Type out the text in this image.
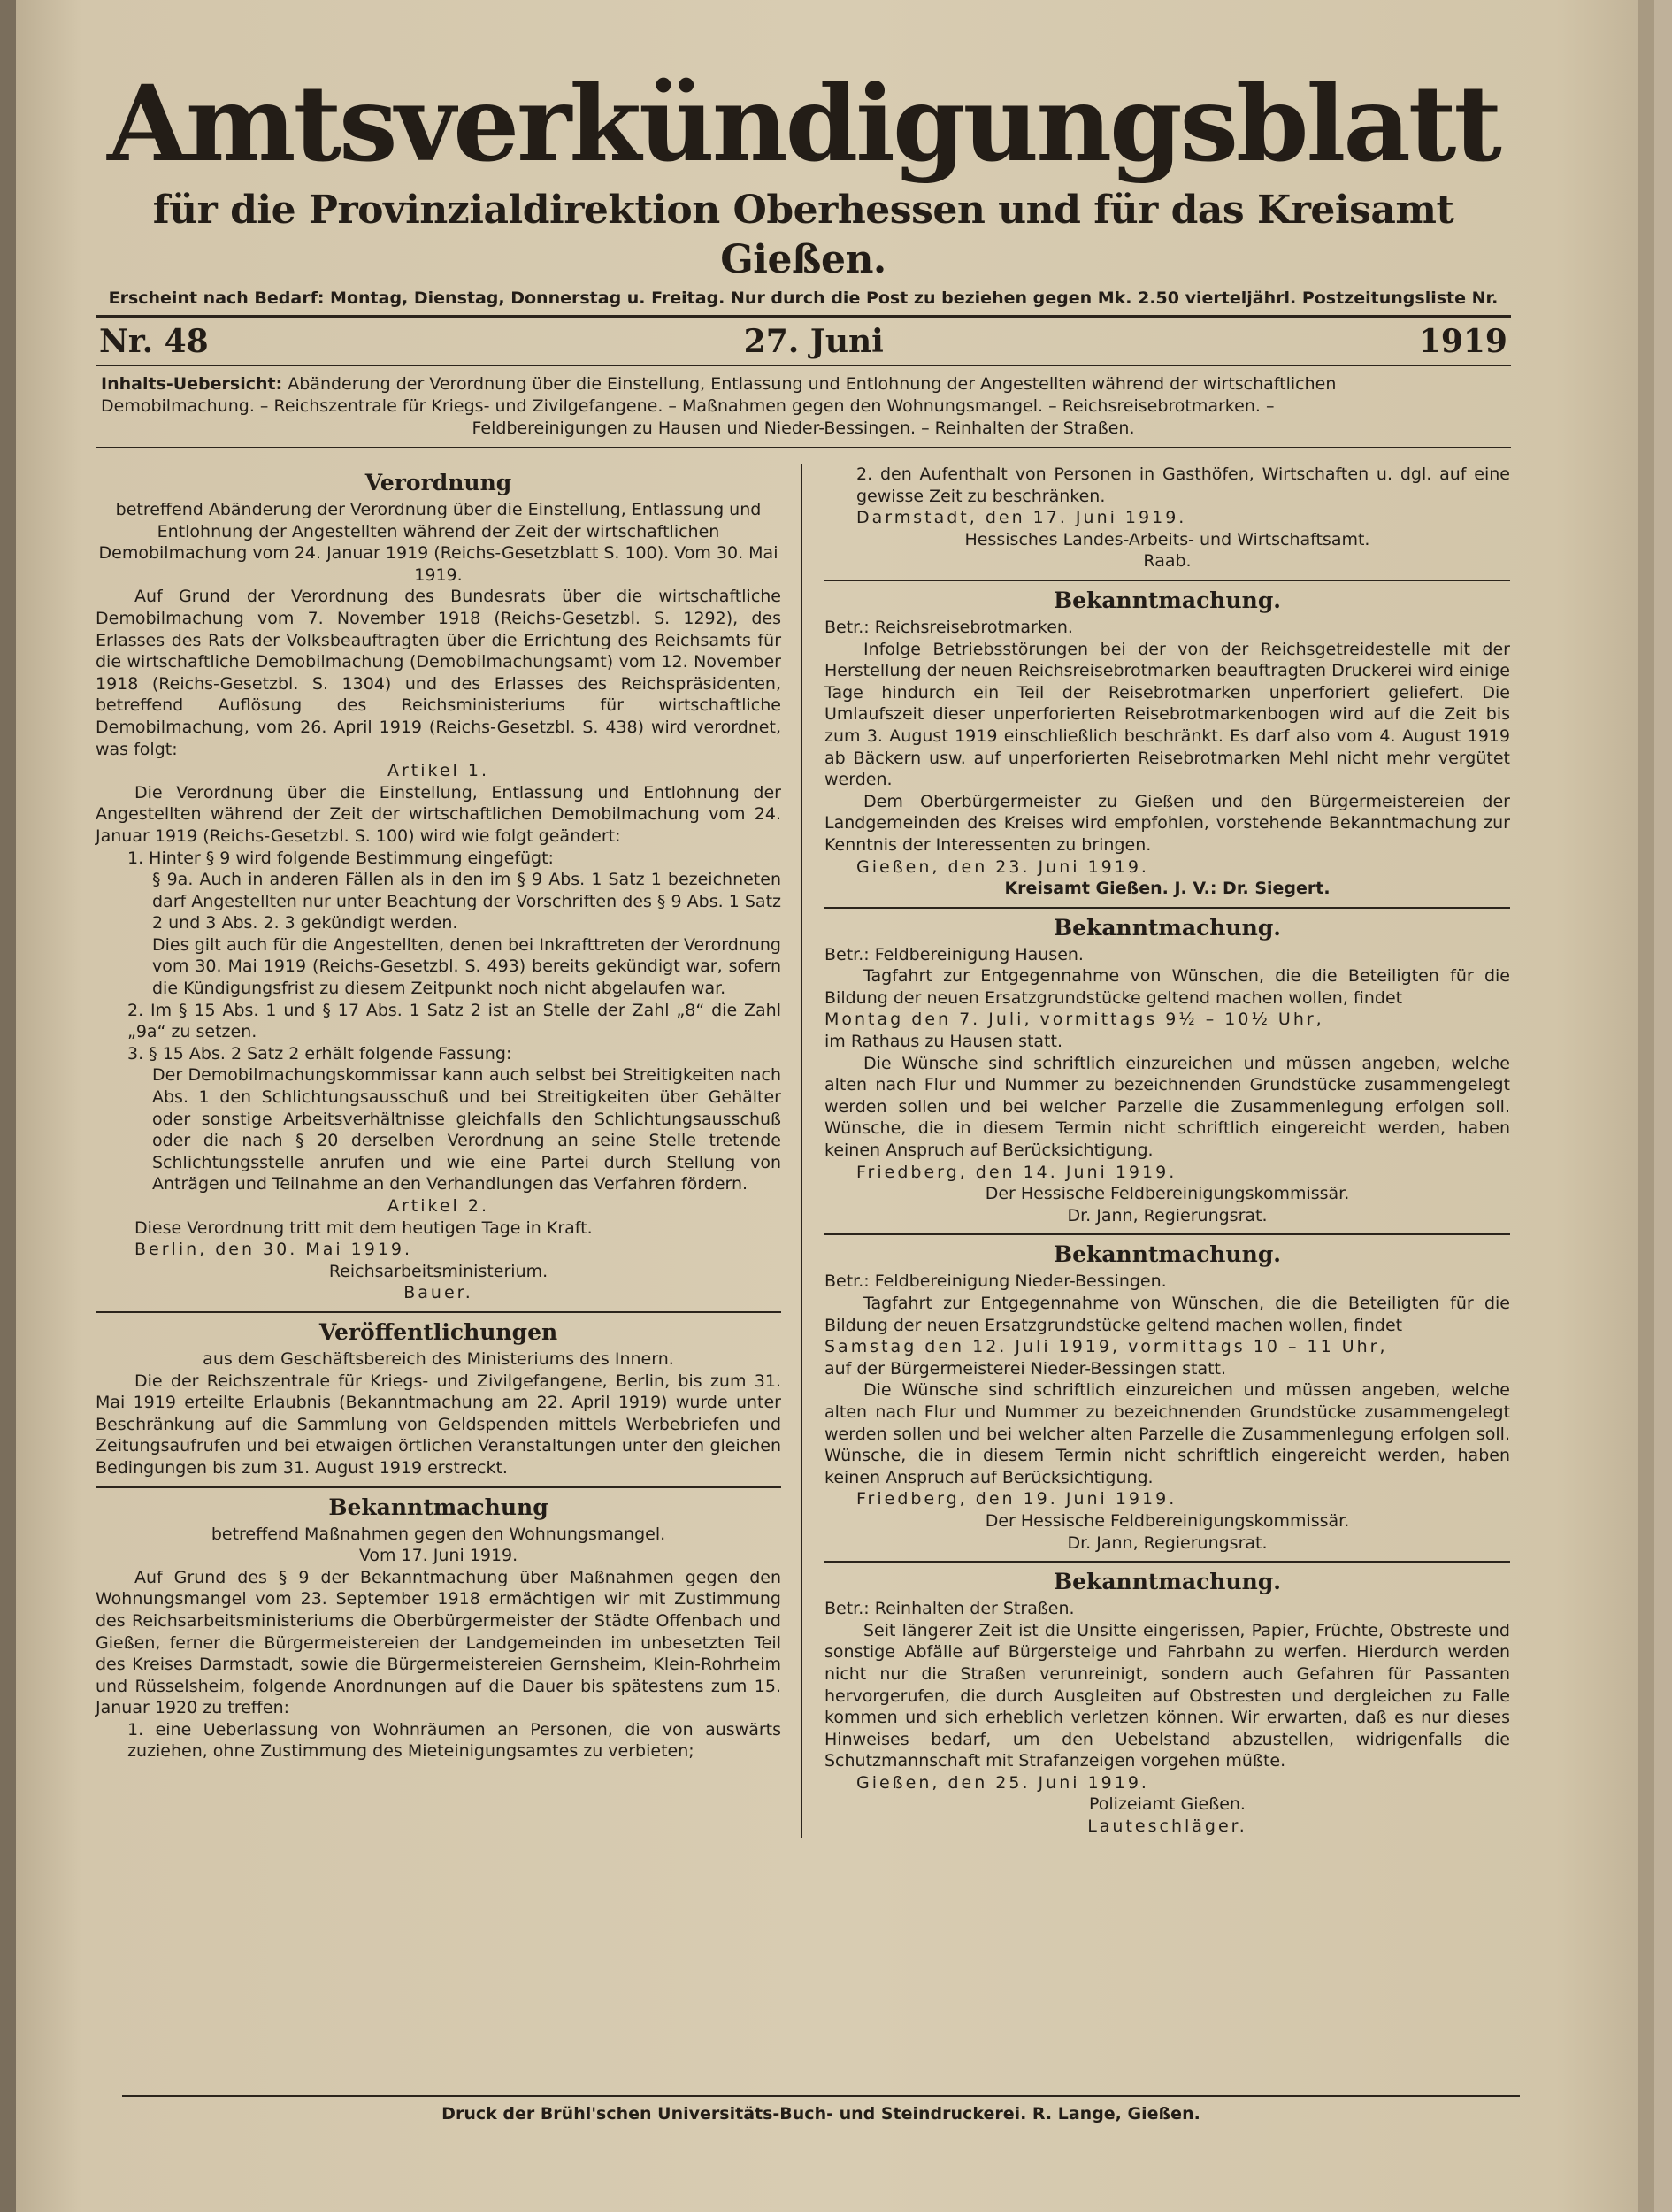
Amtsverkündigungsblatt
für die Provinzialdirektion Oberhessen und für das Kreisamt Gießen.
Erscheint nach Bedarf: Montag, Dienstag, Donnerstag u. Freitag. Nur durch die Post zu beziehen gegen Mk. 2.50 vierteljährl. Postzeitungsliste Nr.
Nr. 48	27. Juni	1919
Inhalts-Uebersicht: Abänderung der Verordnung über die Einstellung, Entlassung und Entlohnung der Angestellten während der wirtschaftlichen
Demobilmachung. – Reichszentrale für Kriegs- und Zivilgefangene. – Maßnahmen gegen den Wohnungsmangel. – Reichsreisebrotmarken. –
Feldbereinigungen zu Hausen und Nieder-Bessingen. – Reinhalten der Straßen.
Verordnung

betreffend Abänderung der Verordnung über die Einstellung, Entlassung und Entlohnung der Angestellten während der Zeit der wirtschaftlichen Demobilmachung vom 24. Januar 1919 (Reichs-Gesetzblatt S. 100). Vom 30. Mai 1919.

Auf Grund der Verordnung des Bundesrats über die wirtschaftliche Demobilmachung vom 7. November 1918 (Reichs-Gesetzbl. S. 1292), des Erlasses des Rats der Volksbeauftragten über die Errichtung des Reichsamts für die wirtschaftliche Demobilmachung (Demobilmachungsamt) vom 12. November 1918 (Reichs-Gesetzbl. S. 1304) und des Erlasses des Reichspräsidenten, betreffend Auflösung des Reichsministeriums für wirtschaftliche Demobilmachung, vom 26. April 1919 (Reichs-Gesetzbl. S. 438) wird verordnet, was folgt:

Artikel 1.

Die Verordnung über die Einstellung, Entlassung und Entlohnung der Angestellten während der Zeit der wirtschaftlichen Demobilmachung vom 24. Januar 1919 (Reichs-Gesetzbl. S. 100) wird wie folgt geändert:

1. Hinter § 9 wird folgende Bestimmung eingefügt:

§ 9a. Auch in anderen Fällen als in den im § 9 Abs. 1 Satz 1 bezeichneten darf Angestellten nur unter Beachtung der Vorschriften des § 9 Abs. 1 Satz 2 und 3 Abs. 2. 3 gekündigt werden.

Dies gilt auch für die Angestellten, denen bei Inkrafttreten der Verordnung vom 30. Mai 1919 (Reichs-Gesetzbl. S. 493) bereits gekündigt war, sofern die Kündigungsfrist zu diesem Zeitpunkt noch nicht abgelaufen war.

2. Im § 15 Abs. 1 und § 17 Abs. 1 Satz 2 ist an Stelle der Zahl „8“ die Zahl „9a“ zu setzen.

3. § 15 Abs. 2 Satz 2 erhält folgende Fassung:

Der Demobilmachungskommissar kann auch selbst bei Streitigkeiten nach Abs. 1 den Schlichtungsausschuß und bei Streitigkeiten über Gehälter oder sonstige Arbeitsverhältnisse gleichfalls den Schlichtungsausschuß oder die nach § 20 derselben Verordnung an seine Stelle tretende Schlichtungsstelle anrufen und wie eine Partei durch Stellung von Anträgen und Teilnahme an den Verhandlungen das Verfahren fördern.

Artikel 2.

Diese Verordnung tritt mit dem heutigen Tage in Kraft.

Berlin, den 30. Mai 1919.

Reichsarbeitsministerium.

Bauer.

Veröffentlichungen

aus dem Geschäftsbereich des Ministeriums des Innern.

Die der Reichszentrale für Kriegs- und Zivilgefangene, Berlin, bis zum 31. Mai 1919 erteilte Erlaubnis (Bekanntmachung am 22. April 1919) wurde unter Beschränkung auf die Sammlung von Geldspenden mittels Werbebriefen und Zeitungsaufrufen und bei etwaigen örtlichen Veranstaltungen unter den gleichen Bedingungen bis zum 31. August 1919 erstreckt.

Bekanntmachung

betreffend Maßnahmen gegen den Wohnungsmangel.

Vom 17. Juni 1919.

Auf Grund des § 9 der Bekanntmachung über Maßnahmen gegen den Wohnungsmangel vom 23. September 1918 ermächtigen wir mit Zustimmung des Reichsarbeitsministeriums die Oberbürgermeister der Städte Offenbach und Gießen, ferner die Bürgermeistereien der Landgemeinden im unbesetzten Teil des Kreises Darmstadt, sowie die Bürgermeistereien Gernsheim, Klein-Rohrheim und Rüsselsheim, folgende Anordnungen auf die Dauer bis spätestens zum 15. Januar 1920 zu treffen:

1. eine Ueberlassung von Wohnräumen an Personen, die von auswärts zuziehen, ohne Zustimmung des Mieteinigungsamtes zu verbieten;

2. den Aufenthalt von Personen in Gasthöfen, Wirtschaften u. dgl. auf eine gewisse Zeit zu beschränken.

Darmstadt, den 17. Juni 1919.

Hessisches Landes-Arbeits- und Wirtschaftsamt.

Raab.

Bekanntmachung.

Betr.: Reichsreisebrotmarken.

Infolge Betriebsstörungen bei der von der Reichsgetreidestelle mit der Herstellung der neuen Reichsreisebrotmarken beauftragten Druckerei wird einige Tage hindurch ein Teil der Reisebrotmarken unperforiert geliefert. Die Umlaufszeit dieser unperforierten Reisebrotmarkenbogen wird auf die Zeit bis zum 3. August 1919 einschließlich beschränkt. Es darf also vom 4. August 1919 ab Bäckern usw. auf unperforierten Reisebrotmarken Mehl nicht mehr vergütet werden.

Dem Oberbürgermeister zu Gießen und den Bürgermeistereien der Landgemeinden des Kreises wird empfohlen, vorstehende Bekanntmachung zur Kenntnis der Interessenten zu bringen.

Gießen, den 23. Juni 1919.

Kreisamt Gießen. J. V.: Dr. Siegert.

Bekanntmachung.

Betr.: Feldbereinigung Hausen.

Tagfahrt zur Entgegennahme von Wünschen, die die Beteiligten für die Bildung der neuen Ersatzgrundstücke geltend machen wollen, findet

Montag den 7. Juli, vormittags 9½ – 10½ Uhr,

im Rathaus zu Hausen statt.

Die Wünsche sind schriftlich einzureichen und müssen angeben, welche alten nach Flur und Nummer zu bezeichnenden Grundstücke zusammengelegt werden sollen und bei welcher Parzelle die Zusammenlegung erfolgen soll. Wünsche, die in diesem Termin nicht schriftlich eingereicht werden, haben keinen Anspruch auf Berücksichtigung.

Friedberg, den 14. Juni 1919.

Der Hessische Feldbereinigungskommissär.

Dr. Jann, Regierungsrat.

Bekanntmachung.

Betr.: Feldbereinigung Nieder-Bessingen.

Tagfahrt zur Entgegennahme von Wünschen, die die Beteiligten für die Bildung der neuen Ersatzgrundstücke geltend machen wollen, findet

Samstag den 12. Juli 1919, vormittags 10 – 11 Uhr,

auf der Bürgermeisterei Nieder-Bessingen statt.

Die Wünsche sind schriftlich einzureichen und müssen angeben, welche alten nach Flur und Nummer zu bezeichnenden Grundstücke zusammengelegt werden sollen und bei welcher alten Parzelle die Zusammenlegung erfolgen soll. Wünsche, die in diesem Termin nicht schriftlich eingereicht werden, haben keinen Anspruch auf Berücksichtigung.

Friedberg, den 19. Juni 1919.

Der Hessische Feldbereinigungskommissär.

Dr. Jann, Regierungsrat.

Bekanntmachung.

Betr.: Reinhalten der Straßen.

Seit längerer Zeit ist die Unsitte eingerissen, Papier, Früchte, Obstreste und sonstige Abfälle auf Bürgersteige und Fahrbahn zu werfen. Hierdurch werden nicht nur die Straßen verunreinigt, sondern auch Gefahren für Passanten hervorgerufen, die durch Ausgleiten auf Obstresten und dergleichen zu Falle kommen und sich erheblich verletzen können. Wir erwarten, daß es nur dieses Hinweises bedarf, um den Uebelstand abzustellen, widrigenfalls die Schutzmannschaft mit Strafanzeigen vorgehen müßte.

Gießen, den 25. Juni 1919.

Polizeiamt Gießen.

Lauteschläger.

Druck der Brühl'schen Universitäts-Buch- und Steindruckerei. R. Lange, Gießen.
